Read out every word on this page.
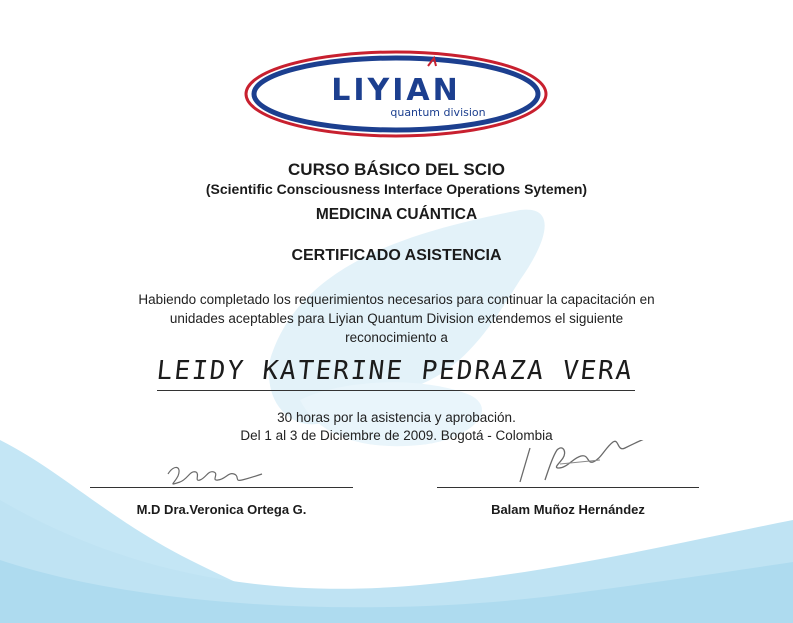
LIYIAN
quantum division
CURSO BÁSICO DEL SCIO
(Scientific Consciousness Interface Operations Sytemen)
MEDICINA CUÁNTICA
CERTIFICADO ASISTENCIA
Habiendo completado los requerimientos necesarios para continuar la capacitación en
unidades aceptables para Liyian Quantum Division extendemos el siguiente
reconocimiento a
LEIDY KATERINE PEDRAZA VERA
30 horas por la asistencia y aprobación.
Del 1 al 3 de Diciembre de 2009. Bogotá - Colombia
M.D Dra.Veronica Ortega G.	Balam Muñoz Hernández
